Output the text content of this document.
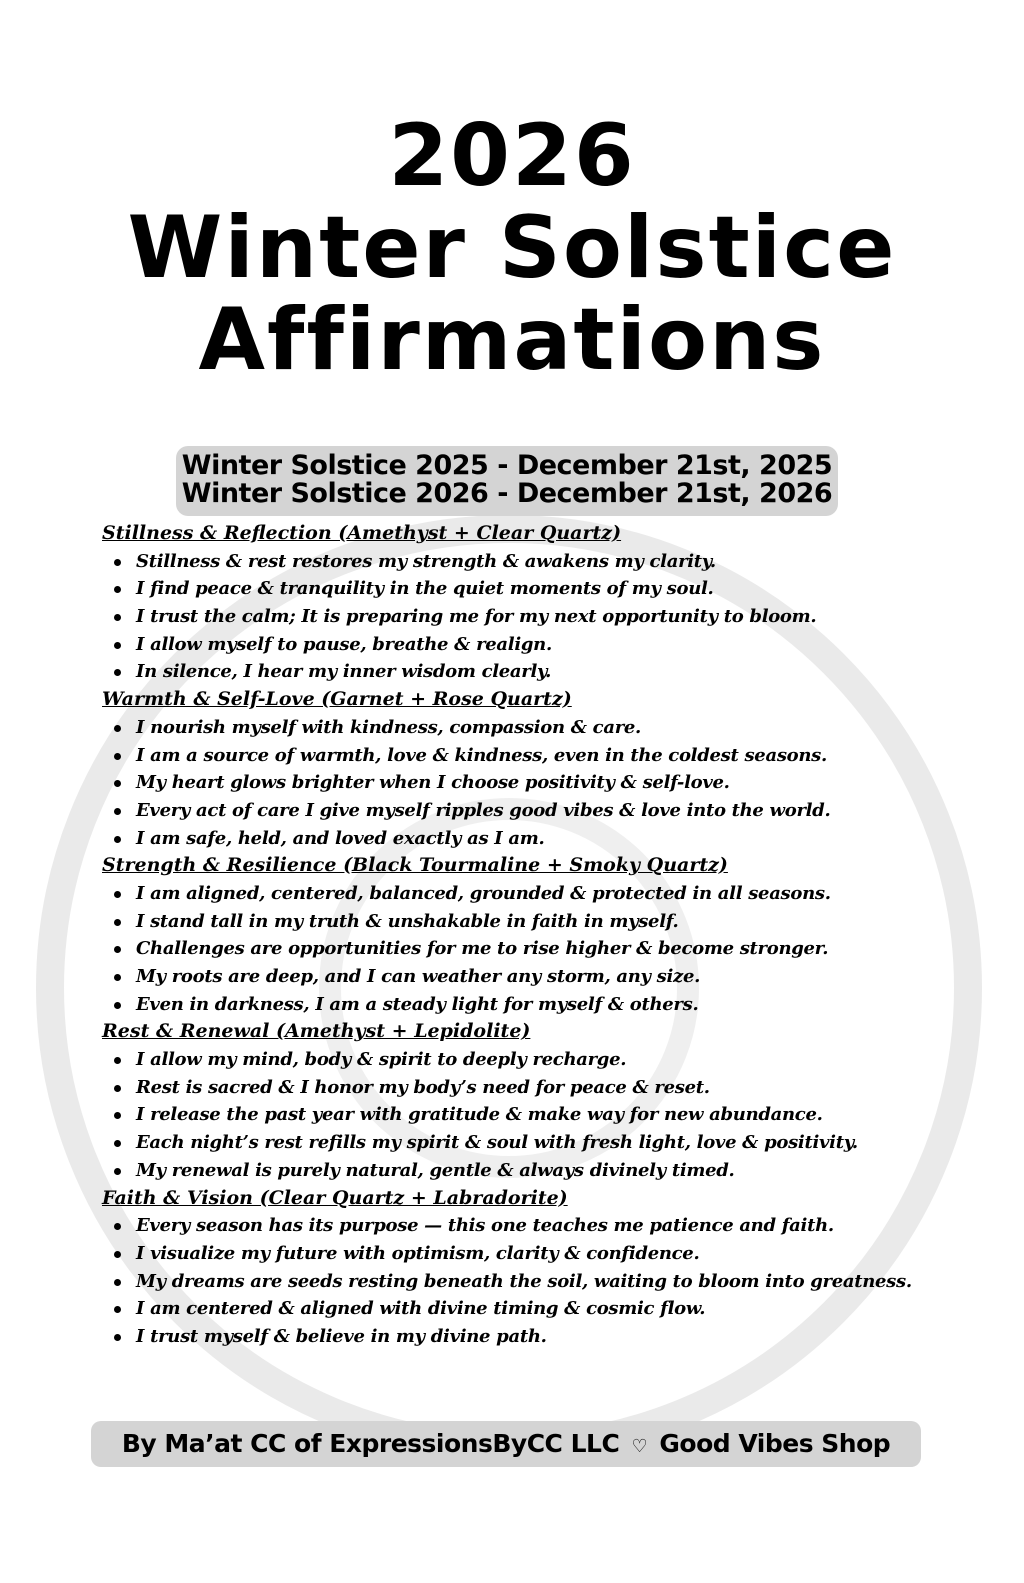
2026
Winter Solstice
Affirmations
Winter Solstice 2025 - December 21st, 2025
Winter Solstice 2026 - December 21st, 2026
Stillness & Reflection (Amethyst + Clear Quartz)
Stillness & rest restores my strength & awakens my clarity.
I find peace & tranquility in the quiet moments of my soul.
I trust the calm; It is preparing me for my next opportunity to bloom.
I allow myself to pause, breathe & realign.
In silence, I hear my inner wisdom clearly.
Warmth & Self-Love (Garnet + Rose Quartz)
I nourish myself with kindness, compassion & care.
I am a source of warmth, love & kindness, even in the coldest seasons.
My heart glows brighter when I choose positivity & self-love.
Every act of care I give myself ripples good vibes & love into the world.
I am safe, held, and loved exactly as I am.
Strength & Resilience (Black Tourmaline + Smoky Quartz)
I am aligned, centered, balanced, grounded & protected in all seasons.
I stand tall in my truth & unshakable in faith in myself.
Challenges are opportunities for me to rise higher & become stronger.
My roots are deep, and I can weather any storm, any size.
Even in darkness, I am a steady light for myself & others.
Rest & Renewal (Amethyst + Lepidolite)
I allow my mind, body & spirit to deeply recharge.
Rest is sacred & I honor my body’s need for peace & reset.
I release the past year with gratitude & make way for new abundance.
Each night’s rest refills my spirit & soul with fresh light, love & positivity.
My renewal is purely natural, gentle & always divinely timed.
Faith & Vision (Clear Quartz + Labradorite)
Every season has its purpose — this one teaches me patience and faith.
I visualize my future with optimism, clarity & confidence.
My dreams are seeds resting beneath the soil, waiting to bloom into greatness.
I am centered & aligned with divine timing & cosmic flow.
I trust myself & believe in my divine path.
By Ma’at CC of ExpressionsByCC LLC ♡ Good Vibes Shop
